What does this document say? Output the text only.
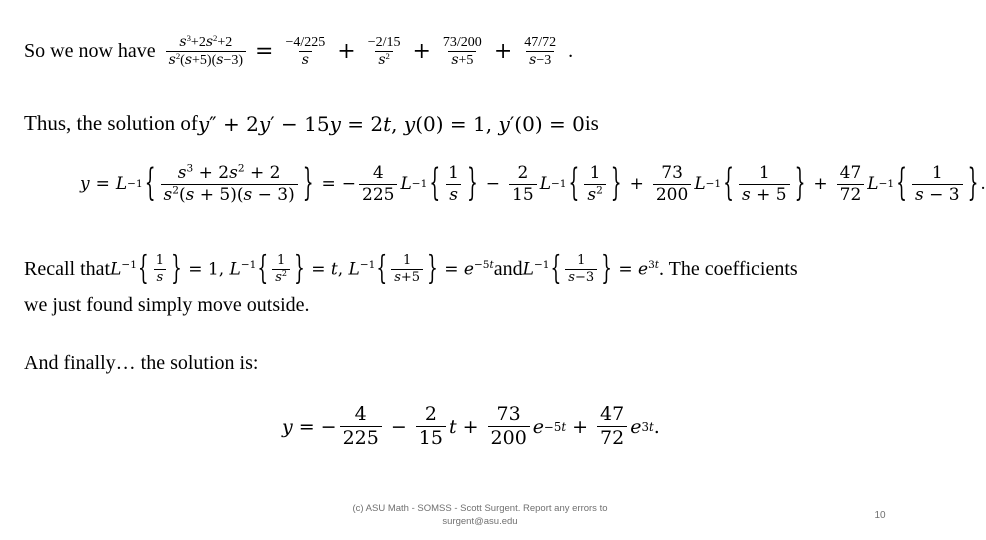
So we now have $\frac{s^3+2s^2+2}{s^2(s+5)(s-3)} = \frac{-4/225}{s} + \frac{-2/15}{s^2} + \frac{73/200}{s+5} + \frac{47/72}{s-3}$ .
Thus, the solution of y″ + 2y′ − 15y = 2t, y(0) = 1, y′(0) = 0 is
y = L −1 { $\frac{s^3 + 2s^2 + 2}{s^2(s + 5)(s - 3)}$ } = − $\frac{4}{225}$ L −1 { $\frac{1}{s}$ } − $\frac{2}{15}$ L −1 { $\frac{1}{s^2}$ } + $\frac{73}{200}$ L −1 { $\frac{1}{s + 5}$ } + $\frac{47}{72}$ L −1 { $\frac{1}{s - 3}$ } .
Recall that $L^{-1}\{ \frac{1}{s}$ } = 1, $L^{-1}\{ \frac{1}{s^2}$ } = t, $L^{-1}\{ \frac{1}{s+5}$ } = $e^{-5t}$ and $L^{-1}\{ \frac{1}{s-3}$ } = $e^{3t}$ . The coefficients
we just found simply move outside.
And finally… the solution is:
y = − $\frac{4}{225} - \frac{2}{15}$ $t + \frac{73}{200}$ $e -5t + \frac{47}{72}$ e 3t .
(c) ASU Math - SOMSS - Scott Surgent. Report any errors to
surgent@asu.edu
10
